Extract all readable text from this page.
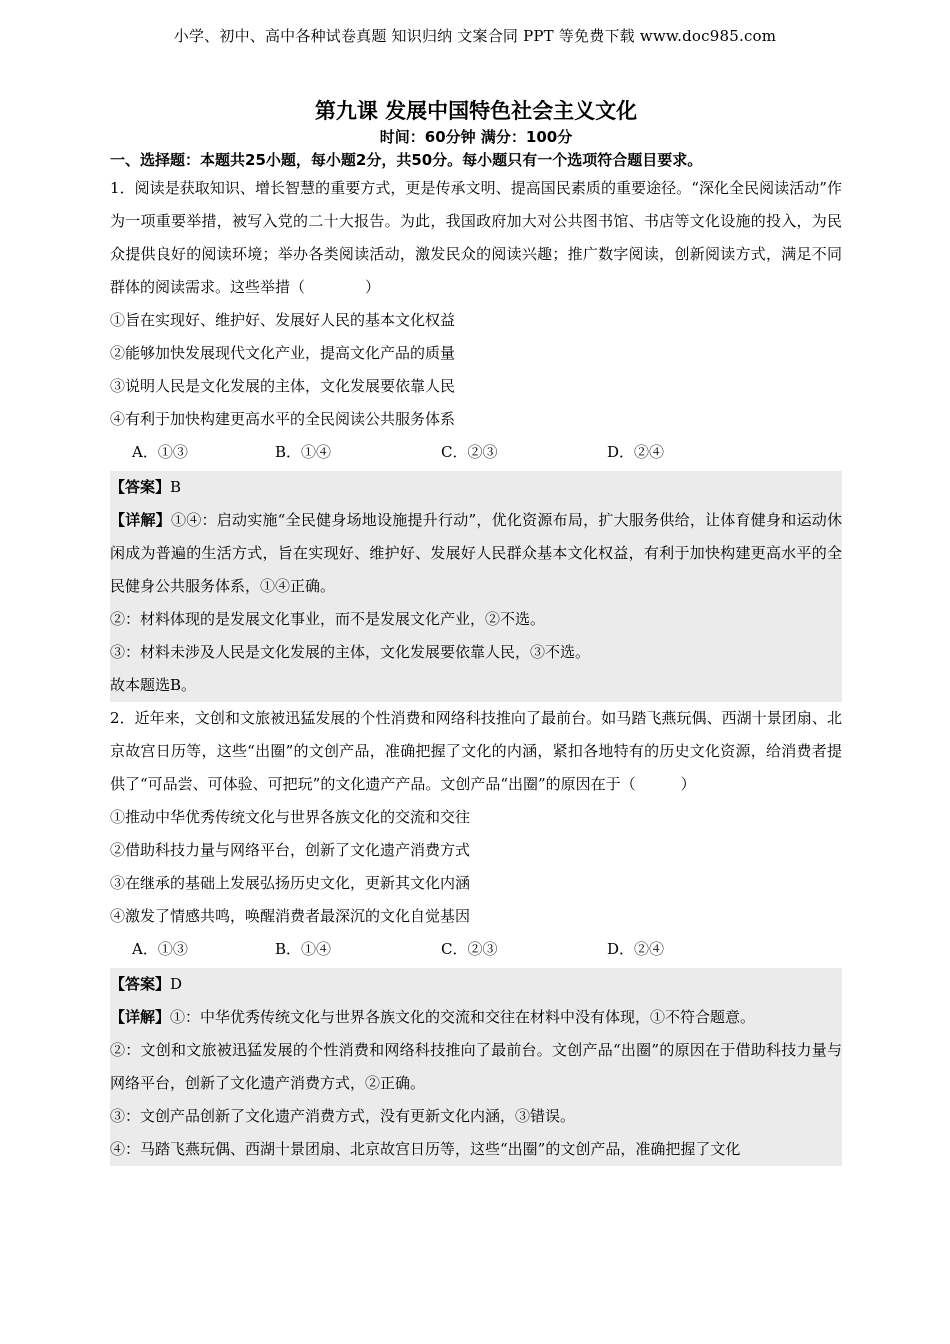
小学、初中、高中各种试卷真题 知识归纳 文案合同 PPT 等免费下载 www.doc985.com

第九课 发展中国特色社会主义文化

时间：60分钟 满分：100分

一、选择题：本题共25小题，每小题2分，共50分。每小题只有一个选项符合题目要求。

1．阅读是获取知识、增长智慧的重要方式，更是传承文明、提高国民素质的重要途径。“深化全民阅读活动”作为一项重要举措，被写入党的二十大报告。为此，我国政府加大对公共图书馆、书店等文化设施的投入，为民众提供良好的阅读环境；举办各类阅读活动，激发民众的阅读兴趣；推广数字阅读，创新阅读方式，满足不同群体的阅读需求。这些举措（　　　　）

①旨在实现好、维护好、发展好人民的基本文化权益

②能够加快发展现代文化产业，提高文化产品的质量

③说明人民是文化发展的主体，文化发展要依靠人民

④有利于加快构建更高水平的全民阅读公共服务体系

A．①③	B．①④	C．②③	D．②④

【答案】B

【详解】①④：启动实施“全民健身场地设施提升行动”，优化资源布局，扩大服务供给，让体育健身和运动休闲成为普遍的生活方式，旨在实现好、维护好、发展好人民群众基本文化权益，有利于加快构建更高水平的全民健身公共服务体系，①④正确。

②：材料体现的是发展文化事业，而不是发展文化产业，②不选。

③：材料未涉及人民是文化发展的主体，文化发展要依靠人民，③不选。

故本题选B。

2．近年来，文创和文旅被迅猛发展的个性消费和网络科技推向了最前台。如马踏飞燕玩偶、西湖十景团扇、北京故宫日历等，这些“出圈”的文创产品，准确把握了文化的内涵，紧扣各地特有的历史文化资源，给消费者提供了“可品尝、可体验、可把玩”的文化遗产产品。文创产品“出圈”的原因在于（　　　）

①推动中华优秀传统文化与世界各族文化的交流和交往

②借助科技力量与网络平台，创新了文化遗产消费方式

③在继承的基础上发展弘扬历史文化，更新其文化内涵

④激发了情感共鸣，唤醒消费者最深沉的文化自觉基因

A．①③	B．①④	C．②③	D．②④

【答案】D

【详解】①：中华优秀传统文化与世界各族文化的交流和交往在材料中没有体现，①不符合题意。

②：文创和文旅被迅猛发展的个性消费和网络科技推向了最前台。文创产品“出圈”的原因在于借助科技力量与网络平台，创新了文化遗产消费方式，②正确。

③：文创产品创新了文化遗产消费方式，没有更新文化内涵，③错误。

④：马踏飞燕玩偶、西湖十景团扇、北京故宫日历等，这些“出圈”的文创产品，准确把握了文化
